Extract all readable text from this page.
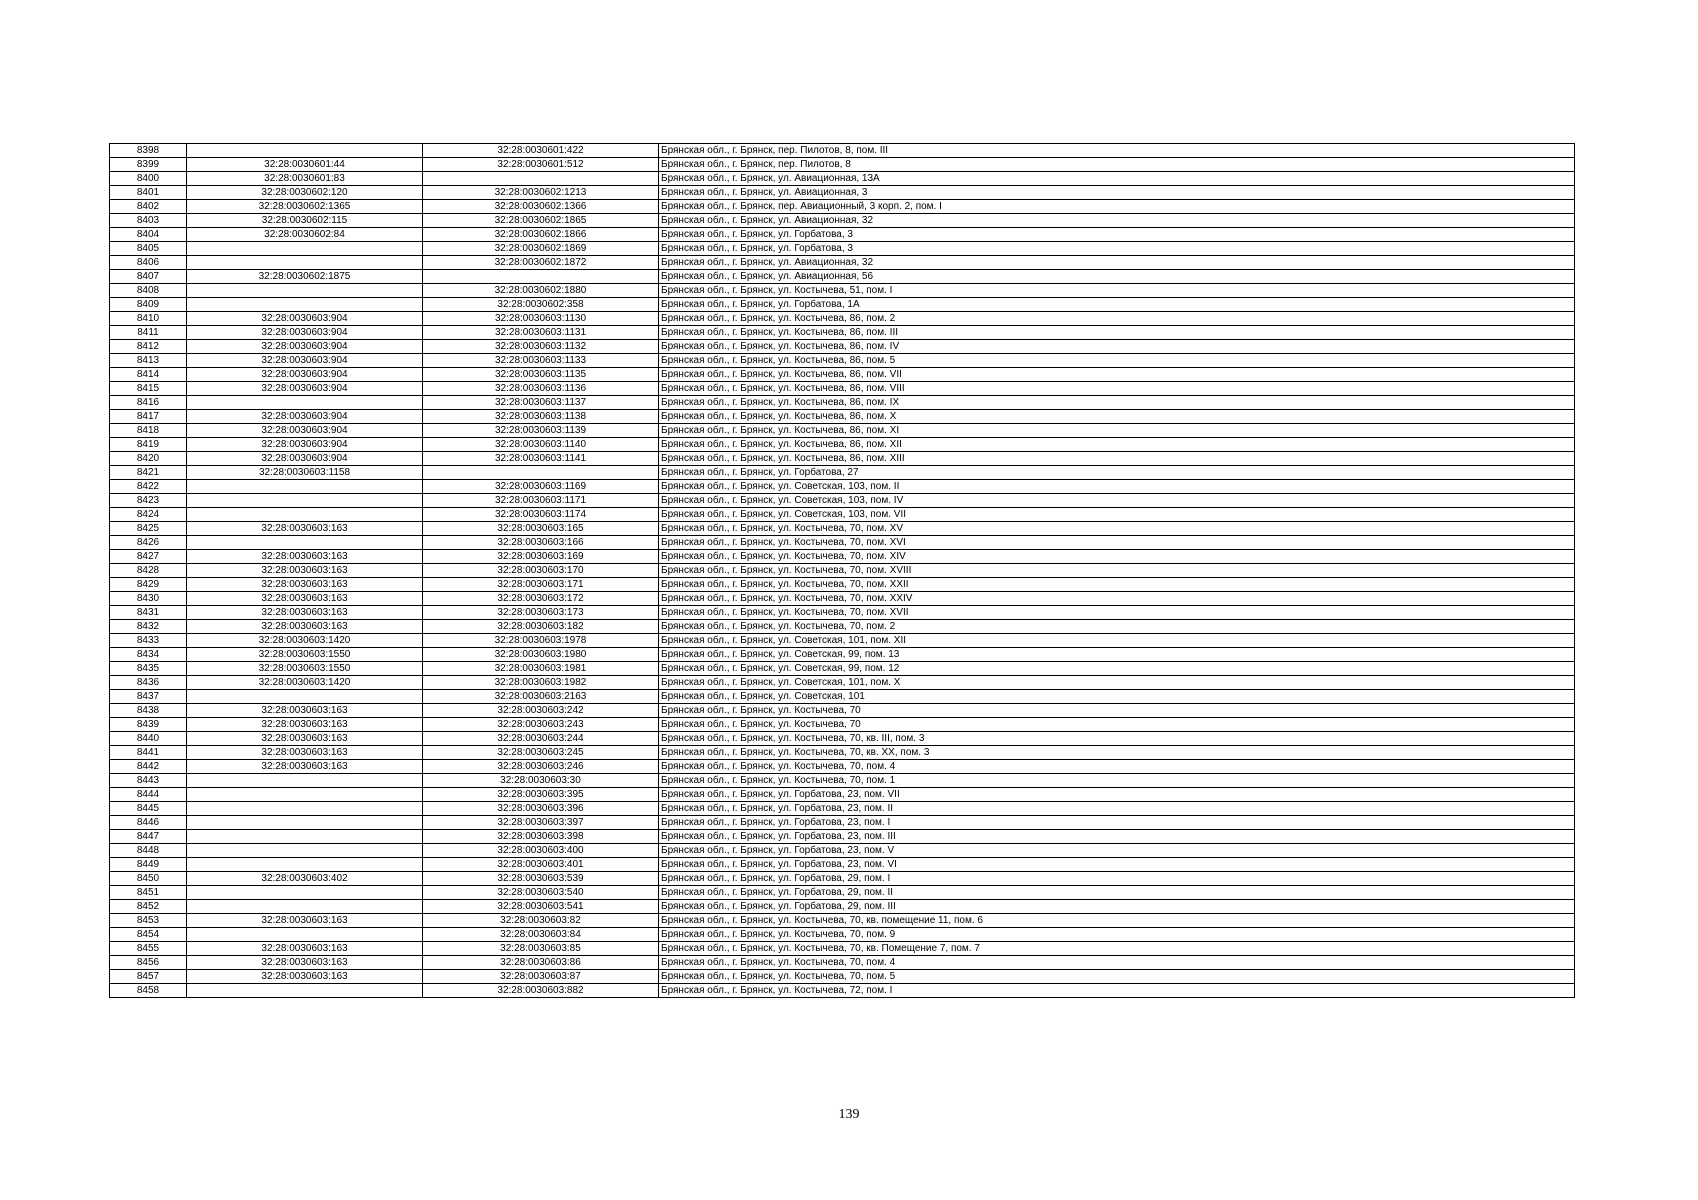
8398		32:28:0030601:422	Брянская обл., г. Брянск, пер. Пилотов, 8, пом. III
8399	32:28:0030601:44	32:28:0030601:512	Брянская обл., г. Брянск, пер. Пилотов, 8
8400	32:28:0030601:83		Брянская обл., г. Брянск, ул. Авиационная, 13А
8401	32:28:0030602:120	32:28:0030602:1213	Брянская обл., г. Брянск, ул. Авиационная, 3
8402	32:28:0030602:1365	32:28:0030602:1366	Брянская обл., г. Брянск, пер. Авиационный, 3 корп. 2, пом. I
8403	32:28:0030602:115	32:28:0030602:1865	Брянская обл., г. Брянск, ул. Авиационная, 32
8404	32:28:0030602:84	32:28:0030602:1866	Брянская обл., г. Брянск, ул. Горбатова, 3
8405		32:28:0030602:1869	Брянская обл., г. Брянск, ул. Горбатова, 3
8406		32:28:0030602:1872	Брянская обл., г. Брянск, ул. Авиационная, 32
8407	32:28:0030602:1875		Брянская обл., г. Брянск, ул. Авиационная, 56
8408		32:28:0030602:1880	Брянская обл., г. Брянск, ул. Костычева, 51, пом. I
8409		32:28:0030602:358	Брянская обл., г. Брянск, ул. Горбатова, 1А
8410	32:28:0030603:904	32:28:0030603:1130	Брянская обл., г. Брянск, ул. Костычева, 86, пом. 2
8411	32:28:0030603:904	32:28:0030603:1131	Брянская обл., г. Брянск, ул. Костычева, 86, пом. III
8412	32:28:0030603:904	32:28:0030603:1132	Брянская обл., г. Брянск, ул. Костычева, 86, пом. IV
8413	32:28:0030603:904	32:28:0030603:1133	Брянская обл., г. Брянск, ул. Костычева, 86, пом. 5
8414	32:28:0030603:904	32:28:0030603:1135	Брянская обл., г. Брянск, ул. Костычева, 86, пом. VII
8415	32:28:0030603:904	32:28:0030603:1136	Брянская обл., г. Брянск, ул. Костычева, 86, пом. VIII
8416		32:28:0030603:1137	Брянская обл., г. Брянск, ул. Костычева, 86, пом. IX
8417	32:28:0030603:904	32:28:0030603:1138	Брянская обл., г. Брянск, ул. Костычева, 86, пом. X
8418	32:28:0030603:904	32:28:0030603:1139	Брянская обл., г. Брянск, ул. Костычева, 86, пом. XI
8419	32:28:0030603:904	32:28:0030603:1140	Брянская обл., г. Брянск, ул. Костычева, 86, пом. XII
8420	32:28:0030603:904	32:28:0030603:1141	Брянская обл., г. Брянск, ул. Костычева, 86, пом. XIII
8421	32:28:0030603:1158		Брянская обл., г. Брянск, ул. Горбатова, 27
8422		32:28:0030603:1169	Брянская обл., г. Брянск, ул. Советская, 103, пом. II
8423		32:28:0030603:1171	Брянская обл., г. Брянск, ул. Советская, 103, пом. IV
8424		32:28:0030603:1174	Брянская обл., г. Брянск, ул. Советская, 103, пом. VII
8425	32:28:0030603:163	32:28:0030603:165	Брянская обл., г. Брянск, ул. Костычева, 70, пом. XV
8426		32:28:0030603:166	Брянская обл., г. Брянск, ул. Костычева, 70, пом. XVI
8427	32:28:0030603:163	32:28:0030603:169	Брянская обл., г. Брянск, ул. Костычева, 70, пом. XIV
8428	32:28:0030603:163	32:28:0030603:170	Брянская обл., г. Брянск, ул. Костычева, 70, пом. XVIII
8429	32:28:0030603:163	32:28:0030603:171	Брянская обл., г. Брянск, ул. Костычева, 70, пом. XXII
8430	32:28:0030603:163	32:28:0030603:172	Брянская обл., г. Брянск, ул. Костычева, 70, пом. XXIV
8431	32:28:0030603:163	32:28:0030603:173	Брянская обл., г. Брянск, ул. Костычева, 70, пом. XVII
8432	32:28:0030603:163	32:28:0030603:182	Брянская обл., г. Брянск, ул. Костычева, 70, пом. 2
8433	32:28:0030603:1420	32:28:0030603:1978	Брянская обл., г. Брянск, ул. Советская, 101, пом. XII
8434	32:28:0030603:1550	32:28:0030603:1980	Брянская обл., г. Брянск, ул. Советская, 99, пом. 13
8435	32:28:0030603:1550	32:28:0030603:1981	Брянская обл., г. Брянск, ул. Советская, 99, пом. 12
8436	32:28:0030603:1420	32:28:0030603:1982	Брянская обл., г. Брянск, ул. Советская, 101, пом. X
8437		32:28:0030603:2163	Брянская обл., г. Брянск, ул. Советская, 101
8438	32:28:0030603:163	32:28:0030603:242	Брянская обл., г. Брянск, ул. Костычева, 70
8439	32:28:0030603:163	32:28:0030603:243	Брянская обл., г. Брянск, ул. Костычева, 70
8440	32:28:0030603:163	32:28:0030603:244	Брянская обл., г. Брянск, ул. Костычева, 70, кв. III, пом. 3
8441	32:28:0030603:163	32:28:0030603:245	Брянская обл., г. Брянск, ул. Костычева, 70, кв. XX, пом. 3
8442	32:28:0030603:163	32:28:0030603:246	Брянская обл., г. Брянск, ул. Костычева, 70, пом. 4
8443		32:28:0030603:30	Брянская обл., г. Брянск, ул. Костычева, 70, пом. 1
8444		32:28:0030603:395	Брянская обл., г. Брянск, ул. Горбатова, 23, пом. VII
8445		32:28:0030603:396	Брянская обл., г. Брянск, ул. Горбатова, 23, пом. II
8446		32:28:0030603:397	Брянская обл., г. Брянск, ул. Горбатова, 23, пом. I
8447		32:28:0030603:398	Брянская обл., г. Брянск, ул. Горбатова, 23, пом. III
8448		32:28:0030603:400	Брянская обл., г. Брянск, ул. Горбатова, 23, пом. V
8449		32:28:0030603:401	Брянская обл., г. Брянск, ул. Горбатова, 23, пом. VI
8450	32:28:0030603:402	32:28:0030603:539	Брянская обл., г. Брянск, ул. Горбатова, 29, пом. I
8451		32:28:0030603:540	Брянская обл., г. Брянск, ул. Горбатова, 29, пом. II
8452		32:28:0030603:541	Брянская обл., г. Брянск, ул. Горбатова, 29, пом. III
8453	32:28:0030603:163	32:28:0030603:82	Брянская обл., г. Брянск, ул. Костычева, 70, кв. помещение 11, пом. 6
8454		32:28:0030603:84	Брянская обл., г. Брянск, ул. Костычева, 70, пом. 9
8455	32:28:0030603:163	32:28:0030603:85	Брянская обл., г. Брянск, ул. Костычева, 70, кв. Помещение 7, пом. 7
8456	32:28:0030603:163	32:28:0030603:86	Брянская обл., г. Брянск, ул. Костычева, 70, пом. 4
8457	32:28:0030603:163	32:28:0030603:87	Брянская обл., г. Брянск, ул. Костычева, 70, пом. 5
8458		32:28:0030603:882	Брянская обл., г. Брянск, ул. Костычева, 72, пом. I
139
